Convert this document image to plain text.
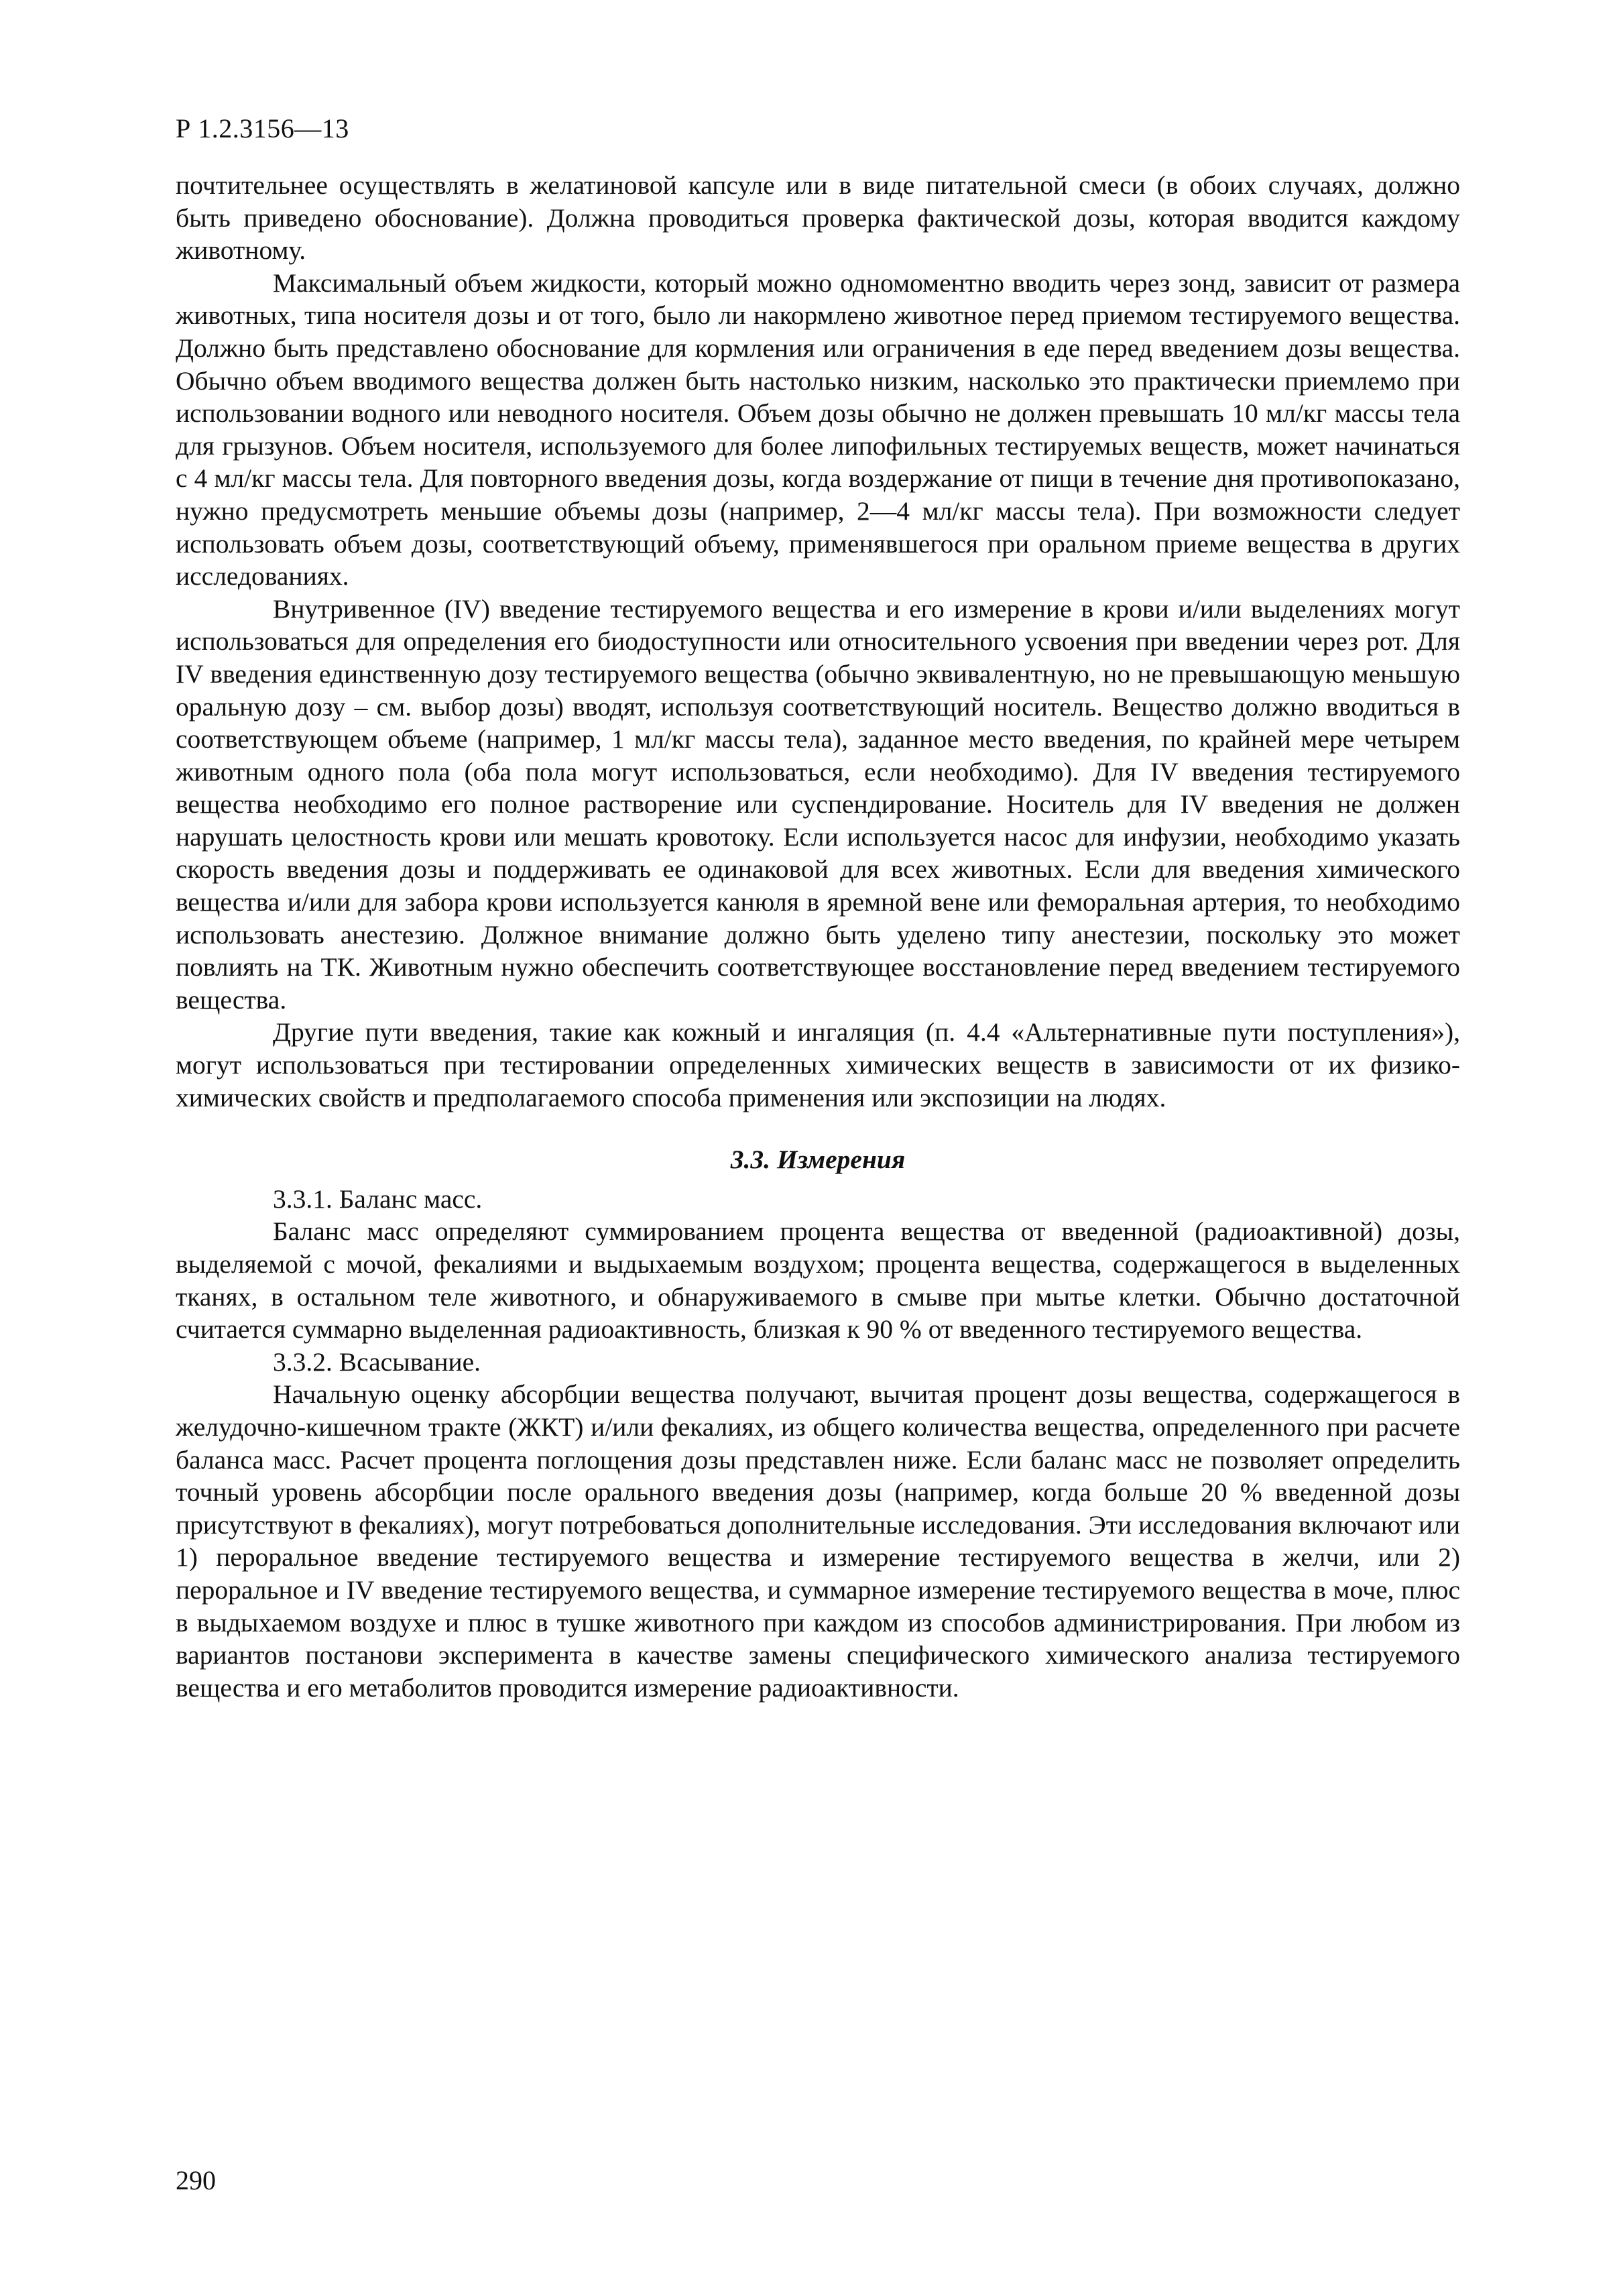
Р 1.2.3156—13

почтительнее осуществлять в желатиновой капсуле или в виде питательной смеси (в обоих случаях, должно быть приведено обоснование). Должна проводиться проверка фактической дозы, которая вводится каждому животному.

Максимальный объем жидкости, который можно одномоментно вводить через зонд, зависит от размера животных, типа носителя дозы и от того, было ли накормлено животное перед приемом тестируемого вещества. Должно быть представлено обоснование для кормления или ограничения в еде перед введением дозы вещества. Обычно объем вводимого вещества должен быть настолько низким, насколько это практически приемлемо при использовании водного или неводного носителя. Объем дозы обычно не должен превышать 10 мл/кг массы тела для грызунов. Объем носителя, используемого для более липофильных тестируемых веществ, может начинаться с 4 мл/кг массы тела. Для повторного введения дозы, когда воздержание от пищи в течение дня противопоказано, нужно предусмотреть меньшие объемы дозы (например, 2—4 мл/кг массы тела). При возможности следует использовать объем дозы, соответствующий объему, применявшегося при оральном приеме вещества в других исследованиях.

Внутривенное (IV) введение тестируемого вещества и его измерение в крови и/или выделениях могут использоваться для определения его биодоступности или относительного усвоения при введении через рот. Для IV введения единственную дозу тестируемого вещества (обычно эквивалентную, но не превышающую меньшую оральную дозу – см. выбор дозы) вводят, используя соответствующий носитель. Вещество должно вводиться в соответствующем объеме (например, 1 мл/кг массы тела), заданное место введения, по крайней мере четырем животным одного пола (оба пола могут использоваться, если необходимо). Для IV введения тестируемого вещества необходимо его полное растворение или суспендирование. Носитель для IV введения не должен нарушать целостность крови или мешать кровотоку. Если используется насос для инфузии, необходимо указать скорость введения дозы и поддерживать ее одинаковой для всех животных. Если для введения химического вещества и/или для забора крови используется канюля в яремной вене или феморальная артерия, то необходимо использовать анестезию. Должное внимание должно быть уделено типу анестезии, поскольку это может повлиять на ТК. Животным нужно обеспечить соответствующее восстановление перед введением тестируемого вещества.

Другие пути введения, такие как кожный и ингаляция (п. 4.4 «Альтернативные пути поступления»), могут использоваться при тестировании определенных химических веществ в зависимости от их физико-химических свойств и предполагаемого способа применения или экспозиции на людях.

3.3. Измерения

3.3.1. Баланс масс.

Баланс масс определяют суммированием процента вещества от введенной (радиоактивной) дозы, выделяемой с мочой, фекалиями и выдыхаемым воздухом; процента вещества, содержащегося в выделенных тканях, в остальном теле животного, и обнаруживаемого в смыве при мытье клетки. Обычно достаточной считается суммарно выделенная радиоактивность, близкая к 90 % от введенного тестируемого вещества.

3.3.2. Всасывание.

Начальную оценку абсорбции вещества получают, вычитая процент дозы вещества, содержащегося в желудочно-кишечном тракте (ЖКТ) и/или фекалиях, из общего количества вещества, определенного при расчете баланса масс. Расчет процента поглощения дозы представлен ниже. Если баланс масс не позволяет определить точный уровень абсорбции после орального введения дозы (например, когда больше 20 % введенной дозы присутствуют в фекалиях), могут потребоваться дополнительные исследования. Эти исследования включают или 1) пероральное введение тестируемого вещества и измерение тестируемого вещества в желчи, или 2) пероральное и IV введение тестируемого вещества, и суммарное измерение тестируемого вещества в моче, плюс в выдыхаемом воздухе и плюс в тушке животного при каждом из способов администрирования. При любом из вариантов постанови эксперимента в качестве замены специфического химического анализа тестируемого вещества и его метаболитов проводится измерение радиоактивности.

290
